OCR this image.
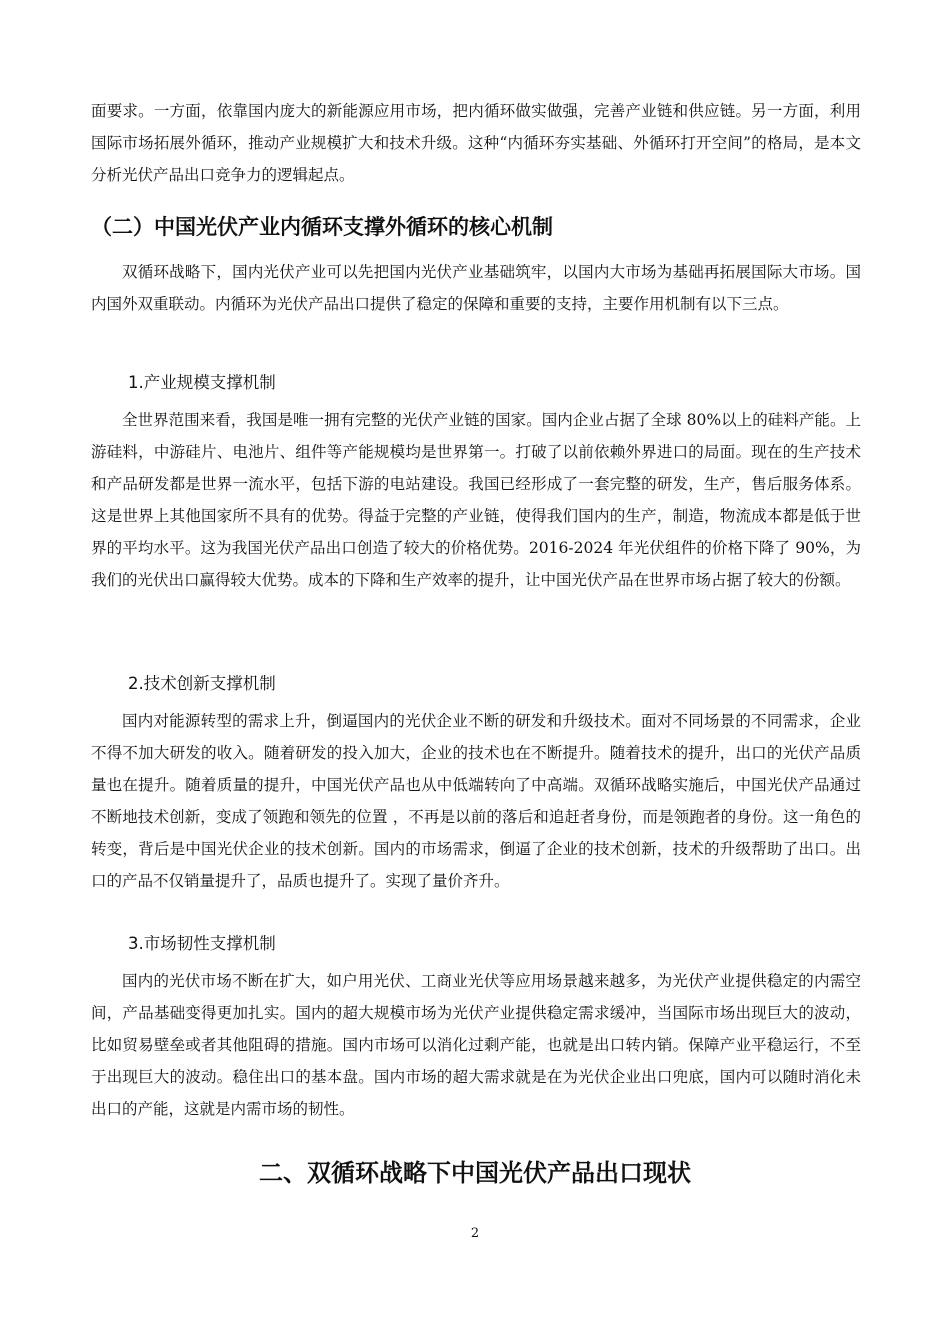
面要求。一方面，依靠国内庞大的新能源应用市场，把内循环做实做强，完善产业链和供应链。另一方面，利用国际市场拓展外循环，推动产业规模扩大和技术升级。这种“内循环夯实基础、外循环打开空间”的格局，是本文分析光伏产品出口竞争力的逻辑起点。

（二）中国光伏产业内循环支撑外循环的核心机制

双循环战略下，国内光伏产业可以先把国内光伏产业基础筑牢，以国内大市场为基础再拓展国际大市场。国内国外双重联动。内循环为光伏产品出口提供了稳定的保障和重要的支持，主要作用机制有以下三点。

1.产业规模支撑机制

全世界范围来看，我国是唯一拥有完整的光伏产业链的国家。国内企业占据了全球 80%以上的硅料产能。上游硅料，中游硅片、电池片、组件等产能规模均是世界第一。打破了以前依赖外界进口的局面。现在的生产技术和产品研发都是世界一流水平，包括下游的电站建设。我国已经形成了一套完整的研发，生产，售后服务体系。这是世界上其他国家所不具有的优势。得益于完整的产业链，使得我们国内的生产，制造，物流成本都是低于世界的平均水平。这为我国光伏产品出口创造了较大的价格优势。2016-2024 年光伏组件的价格下降了 90%，为我们的光伏出口赢得较大优势。成本的下降和生产效率的提升，让中国光伏产品在世界市场占据了较大的份额。

2.技术创新支撑机制

国内对能源转型的需求上升，倒逼国内的光伏企业不断的研发和升级技术。面对不同场景的不同需求，企业不得不加大研发的收入。随着研发的投入加大，企业的技术也在不断提升。随着技术的提升，出口的光伏产品质量也在提升。随着质量的提升，中国光伏产品也从中低端转向了中高端。双循环战略实施后，中国光伏产品通过不断地技术创新，变成了领跑和领先的位置 ，不再是以前的落后和追赶者身份，而是领跑者的身份。这一角色的转变，背后是中国光伏企业的技术创新。国内的市场需求，倒逼了企业的技术创新，技术的升级帮助了出口。出口的产品不仅销量提升了，品质也提升了。实现了量价齐升。

3.市场韧性支撑机制

国内的光伏市场不断在扩大，如户用光伏、工商业光伏等应用场景越来越多，为光伏产业提供稳定的内需空间，产品基础变得更加扎实。国内的超大规模市场为光伏产业提供稳定需求缓冲，当国际市场出现巨大的波动，比如贸易壁垒或者其他阻碍的措施。国内市场可以消化过剩产能，也就是出口转内销。保障产业平稳运行，不至于出现巨大的波动。稳住出口的基本盘。国内市场的超大需求就是在为光伏企业出口兜底，国内可以随时消化未出口的产能，这就是内需市场的韧性。

二、双循环战略下中国光伏产品出口现状
2
